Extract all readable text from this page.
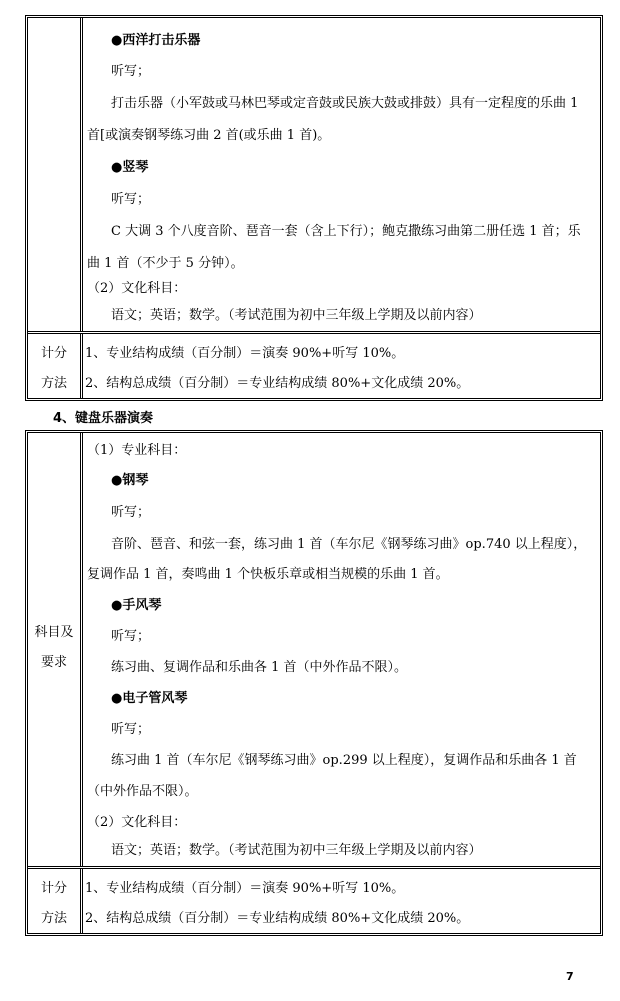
●西洋打击乐器
听写；
打击乐器（小军鼓或马林巴琴或定音鼓或民族大鼓或排鼓）具有一定程度的乐曲 1
首[或演奏钢琴练习曲 2 首(或乐曲 1 首)。
●竖琴
听写；
C 大调 3 个八度音阶、琶音一套（含上下行）；鲍克撒练习曲第二册任选 1 首；乐
曲 1 首（不少于 5 分钟）。
（2）文化科目：
语文；英语；数学。（考试范围为初中三年级上学期及以前内容）
计分
方法
1、专业结构成绩（百分制）＝演奏 90%+听写 10%。
2、结构总成绩（百分制）＝专业结构成绩 80%+文化成绩 20%。
4、键盘乐器演奏
科目及
要求
（1）专业科目：
●钢琴
听写；
音阶、琶音、和弦一套，练习曲 1 首（车尔尼《钢琴练习曲》op.740 以上程度），
复调作品 1 首，奏鸣曲 1 个快板乐章或相当规模的乐曲 1 首。
●手风琴
听写；
练习曲、复调作品和乐曲各 1 首（中外作品不限）。
●电子管风琴
听写；
练习曲 1 首（车尔尼《钢琴练习曲》op.299 以上程度），复调作品和乐曲各 1 首
（中外作品不限）。
（2）文化科目：
语文；英语；数学。（考试范围为初中三年级上学期及以前内容）
计分
方法
1、专业结构成绩（百分制）＝演奏 90%+听写 10%。
2、结构总成绩（百分制）＝专业结构成绩 80%+文化成绩 20%。
7
